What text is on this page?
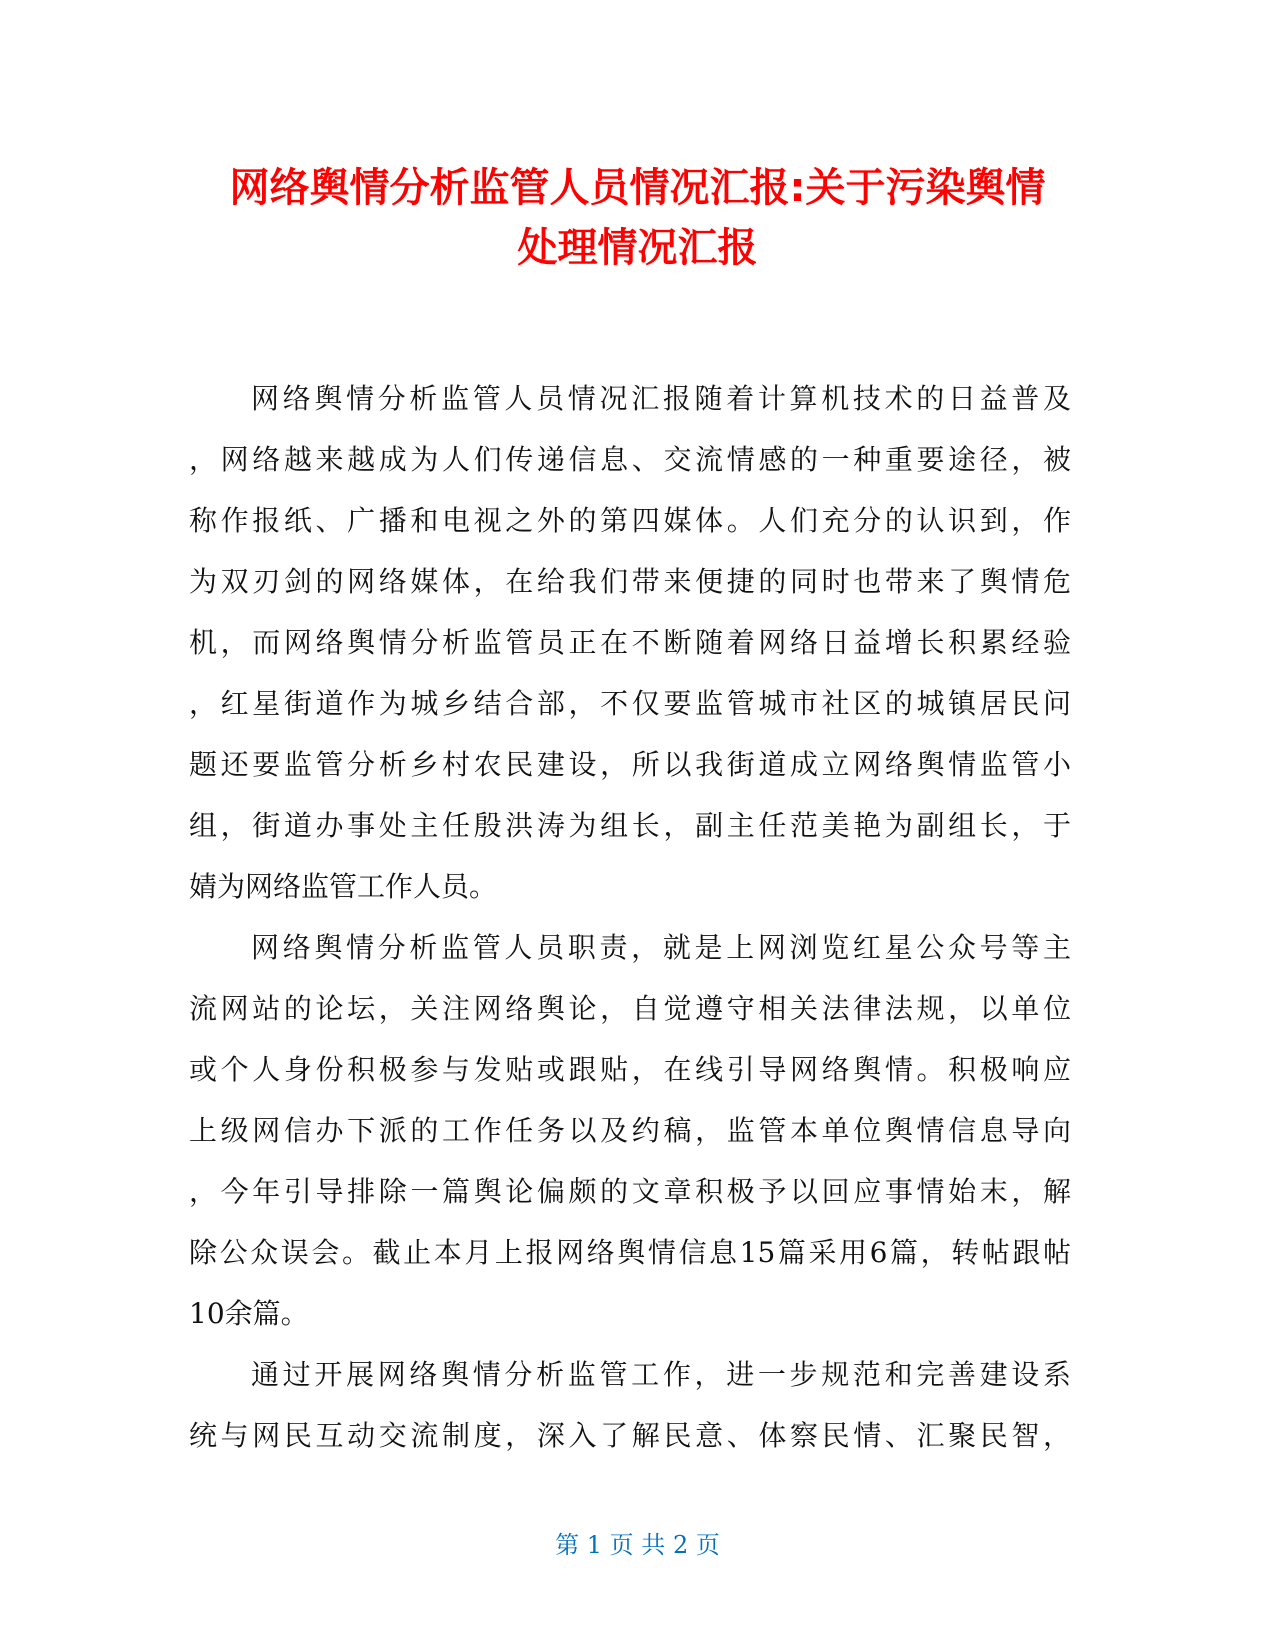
网络舆情分析监管人员情况汇报:关于污染舆情
处理情况汇报
网络舆情分析监管人员情况汇报随着计算机技术的日益普及
，网络越来越成为人们传递信息、交流情感的一种重要途径，被
称作报纸、广播和电视之外的第四媒体。人们充分的认识到，作
为双刃剑的网络媒体，在给我们带来便捷的同时也带来了舆情危
机，而网络舆情分析监管员正在不断随着网络日益增长积累经验
，红星街道作为城乡结合部，不仅要监管城市社区的城镇居民问
题还要监管分析乡村农民建设，所以我街道成立网络舆情监管小
组，街道办事处主任殷洪涛为组长，副主任范美艳为副组长，于
婧为网络监管工作人员。
网络舆情分析监管人员职责，就是上网浏览红星公众号等主
流网站的论坛，关注网络舆论，自觉遵守相关法律法规，以单位
或个人身份积极参与发贴或跟贴，在线引导网络舆情。积极响应
上级网信办下派的工作任务以及约稿，监管本单位舆情信息导向
，今年引导排除一篇舆论偏颇的文章积极予以回应事情始末，解
除公众误会。截止本月上报网络舆情信息15篇采用6篇，转帖跟帖
10余篇。
通过开展网络舆情分析监管工作，进一步规范和完善建设系
统与网民互动交流制度，深入了解民意、体察民情、汇聚民智，
第 1 页 共 2 页
